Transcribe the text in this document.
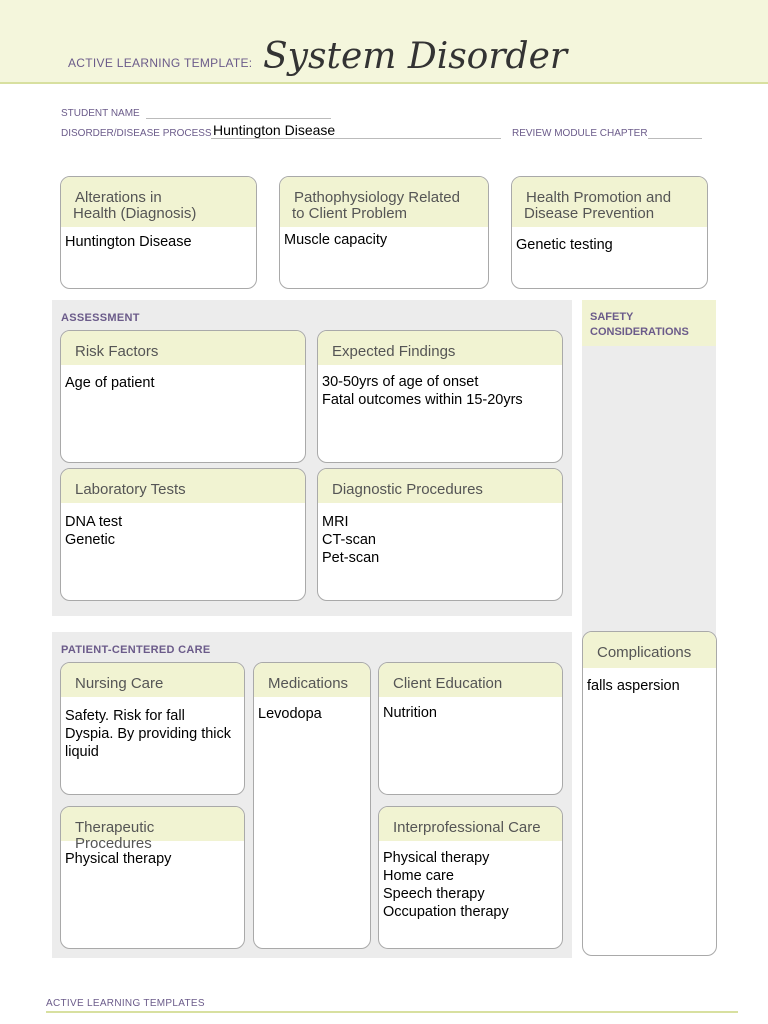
ACTIVE LEARNING TEMPLATE: System Disorder
STUDENT NAME
DISORDER/DISEASE PROCESS Huntington Disease	REVIEW MODULE CHAPTER
Alterations in
Health (Diagnosis)
Huntington Disease
Pathophysiology Related
to Client Problem
Muscle capacity
Health Promotion and
Disease Prevention
Genetic testing
ASSESSMENT
Risk Factors
Age of patient
Expected Findings
30-50yrs of age of onset
Fatal outcomes within 15-20yrs
Laboratory Tests
DNA test
Genetic
Diagnostic Procedures
MRI
CT-scan
Pet-scan
SAFETY
CONSIDERATIONS
PATIENT-CENTERED CARE
Nursing Care
Safety. Risk for fall
Dyspia. By providing thick
liquid
Medications
Levodopa
Client Education
Nutrition
Therapeutic Procedures
Physical therapy
Interprofessional Care
Physical therapy
Home care
Speech therapy
Occupation therapy
Complications
falls aspersion
ACTIVE LEARNING TEMPLATES
